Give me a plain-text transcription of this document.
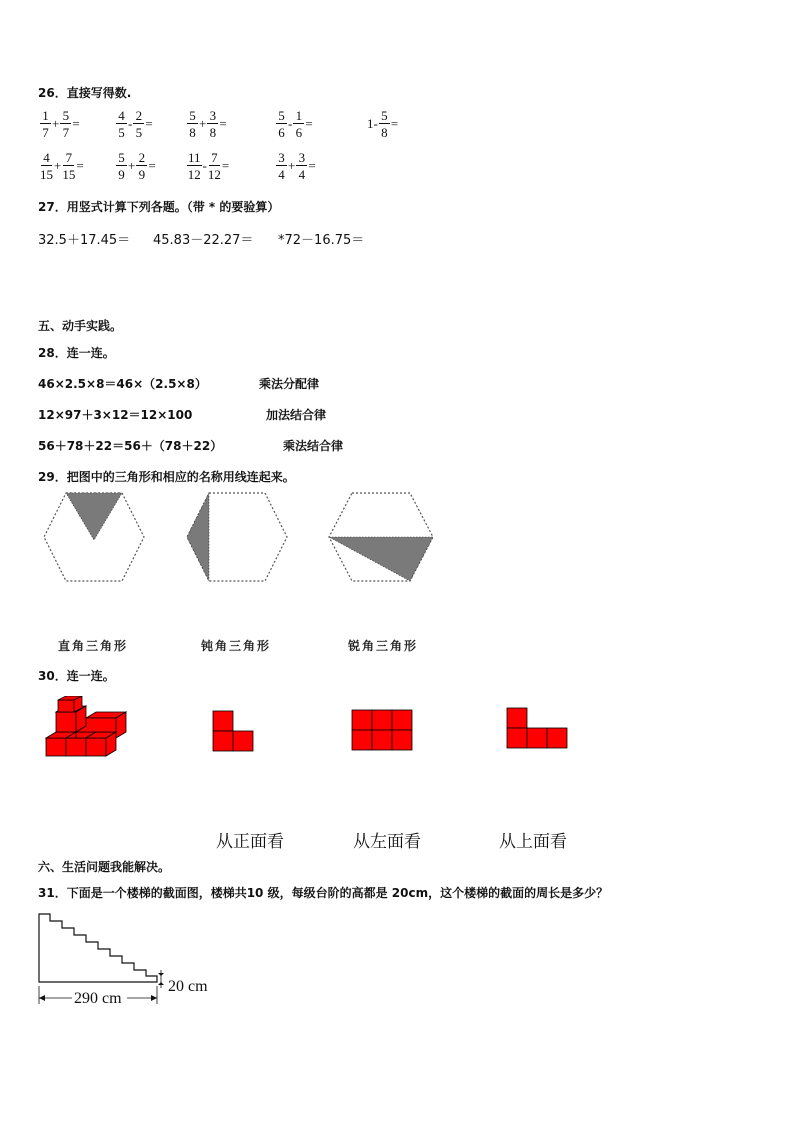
26．直接写得数.
$\frac{1}{7} + \frac{5}{7}$ =	$\frac{4}{5} - \frac{2}{5}$ =	$\frac{5}{8} + \frac{3}{8}$ =	$\frac{5}{6} - \frac{1}{6}$ =	$1- \frac{5}{8}$ =
$\frac{4}{15} + \frac{7}{15} = \frac{5}{9} + \frac{2}{9} = \frac{11}{12} - \frac{7}{12}$ =	$\frac{3}{4} + \frac{3}{4}$ =
27．用竖式计算下列各题。（带 * 的要验算）
32.5＋17.45＝ 45.83－22.27＝ *72－16.75＝
五、动手实践。
28．连一连。
46×2.5×8＝46×（2.5×8）
12×97＋3×12＝12×100
56＋78＋22＝56＋（78＋22）
乘法分配律
加法结合律
乘法结合律
29．把图中的三角形和相应的名称用线连起来。
直角三角形	钝角三角形	锐角三角形
30．连一连。
从正面看	从左面看	从上面看
六、生活问题我能解决。
31．下面是一个楼梯的截面图，楼梯共10 级，每级台阶的高都是 20cm，这个楼梯的截面的周长是多少？
20 cm
290 cm
